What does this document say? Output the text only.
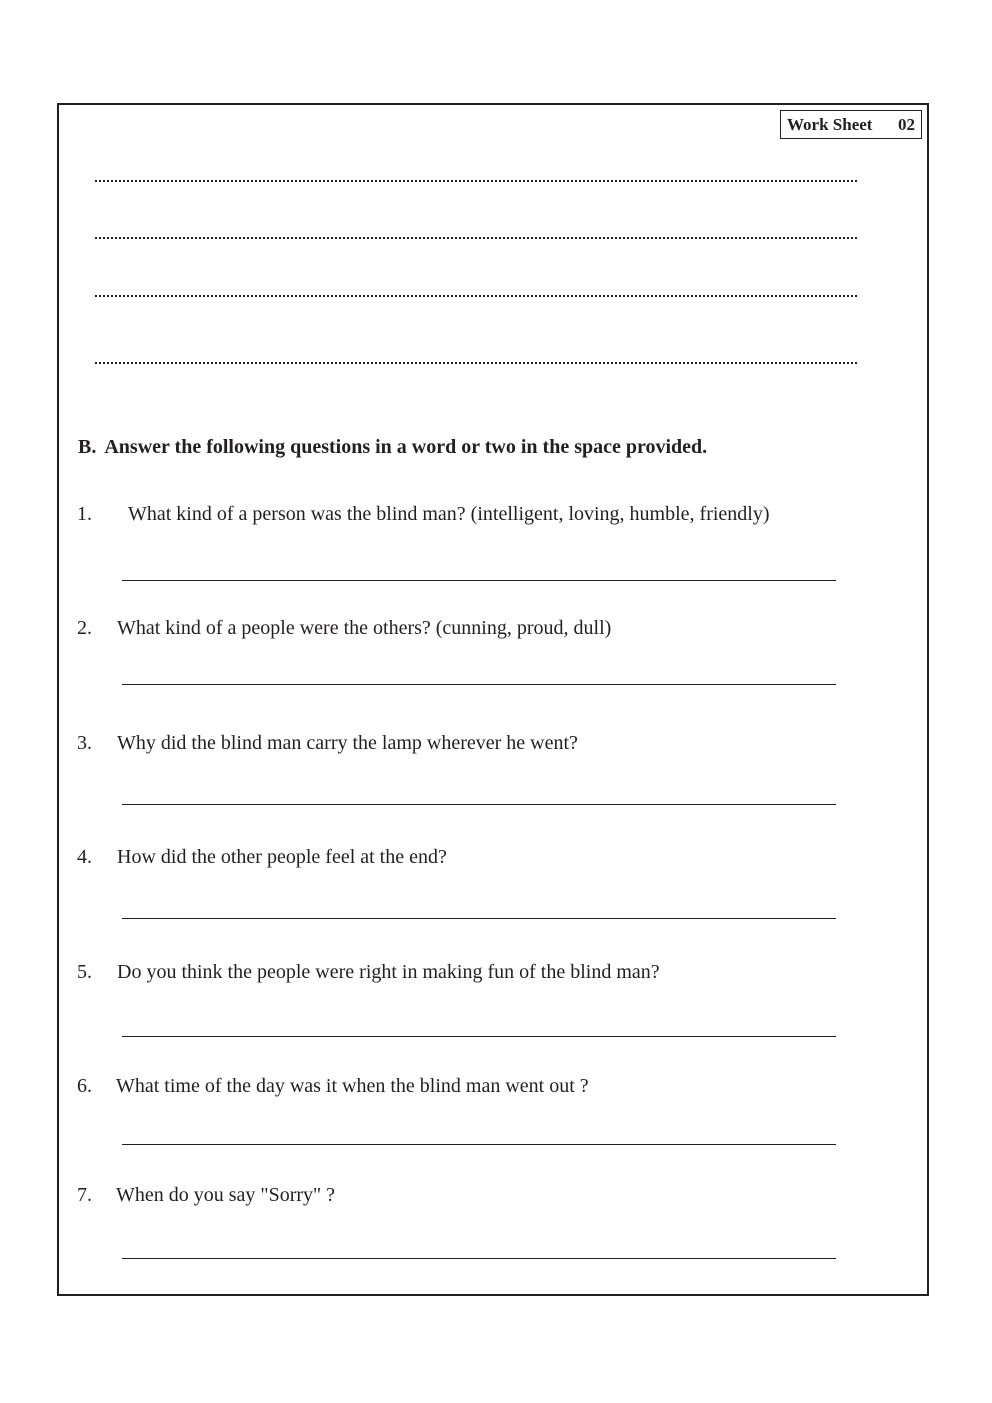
Work Sheet 02
B. Answer the following questions in a word or two in the space provided.
1. What kind of a person was the blind man? (intelligent, loving, humble, friendly)
2. What kind of a people were the others? (cunning, proud, dull)
3. Why did the blind man carry the lamp wherever he went?
4. How did the other people feel at the end?
5. Do you think the people were right in making fun of the blind man?
6. What time of the day was it when the blind man went out ?
7. When do you say "Sorry" ?
